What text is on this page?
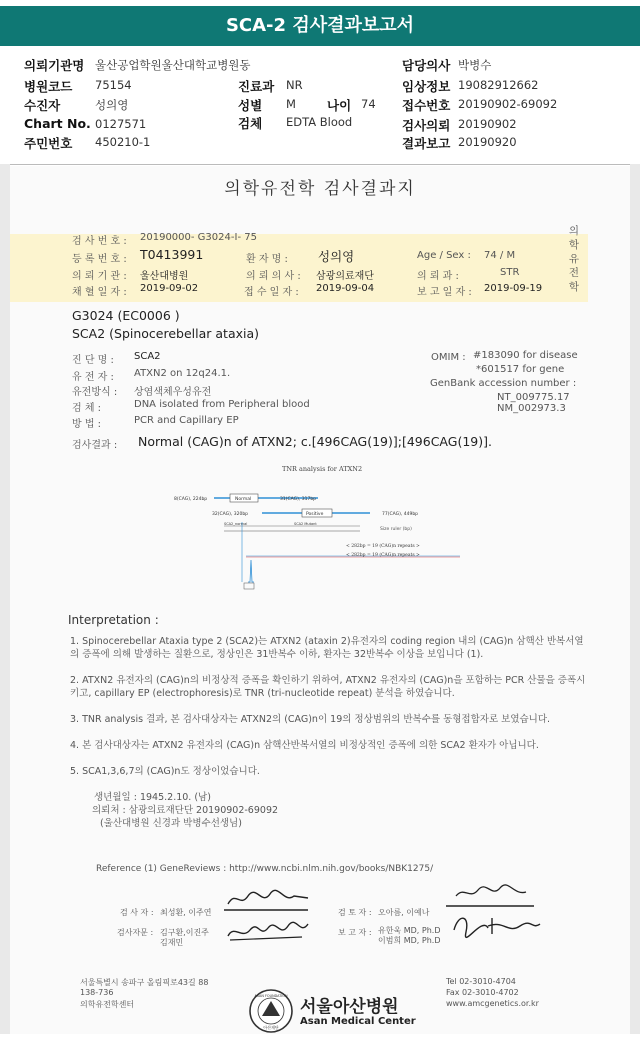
SCA-2 검사결과보고서
의뢰기관명 울산공업학원울산대학교병원동	담당의사 박병수
병원코드 75154	진료과 NR	임상정보 19082912662
수진자	성의영	성별 M 나이 74 접수번호 20190902-69092
Chart No. 0127571	검체 EDTA Blood	검사의뢰 20190902
주민번호 450210-1	결과보고 20190920
의학유전학 검사결과지
의
학
유
전
학
검 사 번 호 : 20190000- G3024-I- 75
등 록 번 호 : T0413991	환 자 명 : 성의영	Age / Sex : 74 / M
의 뢰 기 관 : 울산대병원	의 뢰 의 사 : 삼광의료재단	의 뢰 과 :	STR
채 혈 일 자 : 2019-09-02	접 수 일 자 : 2019-09-04	보 고 일 자 : 2019-09-19
G3024 (EC0006 )
SCA2 (Spinocerebellar ataxia)
진 단 명 : SCA2
유 전 자 : ATXN2 on 12q24.1.
유전방식 : 상염색체우성유전
검 체 :	DNA isolated from Peripheral blood
방 법 :	PCR and Capillary EP
OMIM : #183090 for disease
*601517 for gene
GenBank accession number :
NT_009775.17
NM_002973.3
검사결과 : Normal (CAG)n of ATXN2; c.[496CAG(19)];[496CAG(19)].
TNR analysis for ATXN2
8(CAG), 224bp	Normal	31(CAG), 317bp
32(CAG), 320bp	Positive	77(CAG), 449bp
SCA2_normal	SCA2 Mutant
Size ruler (bp)
< 282bp = 19 (CAG)n repeats >
< 282bp = 19 (CAG)n repeats >
Interpretation :
1. Spinocerebellar Ataxia type 2 (SCA2)는 ATXN2 (ataxin 2)유전자의 coding region 내의 (CAG)n 삼핵산 반복서열의 증폭에 의해 발생하는 질환으로, 정상인은 31반복수 이하, 환자는 32반복수 이상을 보입니다 (1).
2. ATXN2 유전자의 (CAG)n의 비정상적 증폭을 확인하기 위하여, ATXN2 유전자의 (CAG)n을 포함하는 PCR 산물을 증폭시키고, capillary EP (electrophoresis)로 TNR (tri-nucleotide repeat) 분석을 하였습니다.
3. TNR analysis 결과, 본 검사대상자는 ATXN2의 (CAG)n이 19의 정상범위의 반복수를 동형접합자로 보였습니다.
4. 본 검사대상자는 ATXN2 유전자의 (CAG)n 삼핵산반복서열의 비정상적인 증폭에 의한 SCA2 환자가 아닙니다.
5. SCA1,3,6,7의 (CAG)n도 정상이었습니다.
생년월일 : 1945.2.10. (남)
의뢰처 : 삼광의료재단단 20190902-69092
(울산대병원 신경과 박병수선생님)
Reference (1) GeneReviews : http://www.ncbi.nlm.nih.gov/books/NBK1275/
검 사 자 : 최성환, 이주연
검사자문 : 김구환,이진주
김재민
검 토 자 : 오아름, 이예나
보 고 자 : 유한욱 MD, Ph.D
이범희 MD, Ph.D
서울특별시 송파구 올림픽로43길 88
138-736
의학유전학센터
Tel 02-3010-4704
Fax 02-3010-4702
www.amcgenetics.or.kr
ASAN FOUNDATION
아산재단
서울아산병원
Asan Medical Center
